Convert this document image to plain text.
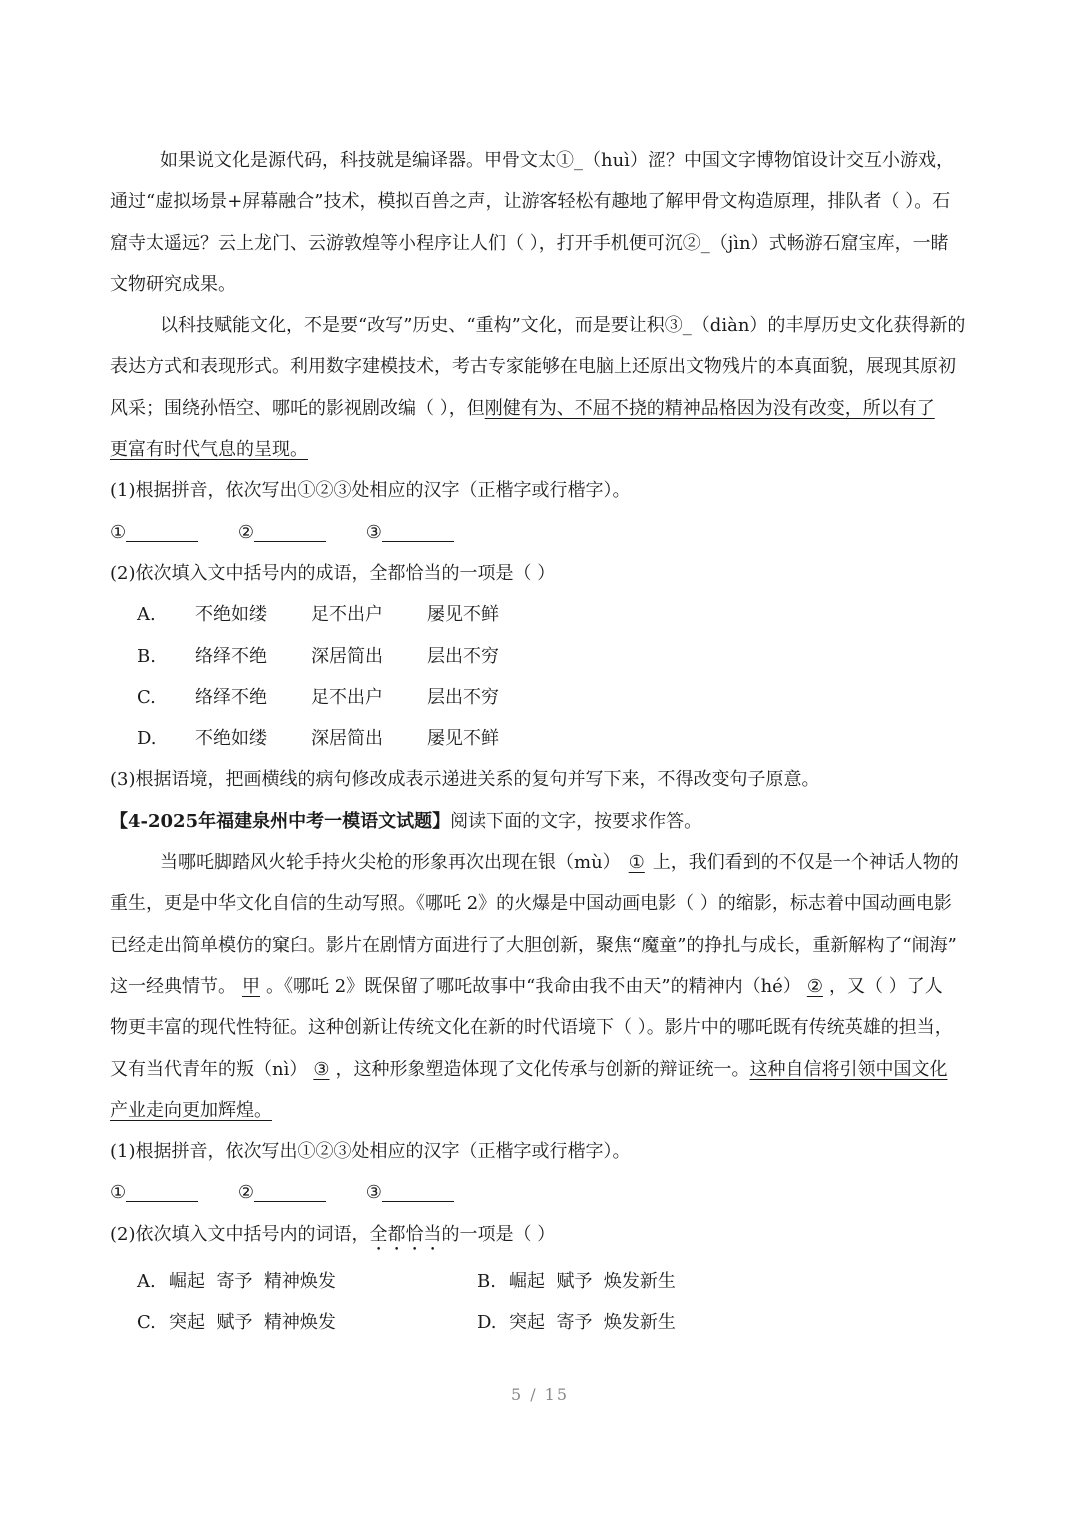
如果说文化是源代码，科技就是编译器。甲骨文太①_（huì）涩？中国文字博物馆设计交互小游戏，
通过“虚拟场景+屏幕融合”技术，模拟百兽之声，让游客轻松有趣地了解甲骨文构造原理，排队者（ ）。石
窟寺太遥远？云上龙门、云游敦煌等小程序让人们（ ），打开手机便可沉②_（jìn）式畅游石窟宝库，一睹
文物研究成果。
以科技赋能文化，不是要“改写”历史、“重构”文化，而是要让积③_（diàn）的丰厚历史文化获得新的
表达方式和表现形式。利用数字建模技术，考古专家能够在电脑上还原出文物残片的本真面貌，展现其原初
风采；围绕孙悟空、哪吒的影视剧改编（ ），但刚健有为、不屈不挠的精神品格因为没有改变，所以有了
更富有时代气息的呈现。
(1)根据拼音，依次写出①②③处相应的汉字（正楷字或行楷字）。
①	②	③
(2)依次填入文中括号内的成语，全都恰当的一项是（ ）
A. 不绝如缕 足不出户 屡见不鲜
B. 络绎不绝 深居简出 层出不穷
C. 络绎不绝 足不出户 层出不穷
D. 不绝如缕 深居简出 屡见不鲜
(3)根据语境，把画横线的病句修改成表示递进关系的复句并写下来，不得改变句子原意。
【4-2025年福建泉州中考一模语文试题】阅读下面的文字，按要求作答。
当哪吒脚踏风火轮手持火尖枪的形象再次出现在银（mù） ① 上，我们看到的不仅是一个神话人物的
重生，更是中华文化自信的生动写照。《哪吒 2》的火爆是中国动画电影（ ）的缩影，标志着中国动画电影
已经走出简单模仿的窠臼。影片在剧情方面进行了大胆创新，聚焦“魔童”的挣扎与成长，重新解构了“闹海”
这一经典情节。 甲 。《哪吒 2》既保留了哪吒故事中“我命由我不由天”的精神内（hé） ② ，又（ ）了人
物更丰富的现代性特征。这种创新让传统文化在新的时代语境下（ ）。影片中的哪吒既有传统英雄的担当，
又有当代青年的叛（nì） ③ ，这种形象塑造体现了文化传承与创新的辩证统一。这种自信将引领中国文化
产业走向更加辉煌。
(1)根据拼音，依次写出①②③处相应的汉字（正楷字或行楷字）。
①	②	③
(2)依次填入文中括号内的词语，全都恰当的一项是（ ）
A. 崛起  寄予  精神焕发	B. 崛起  赋予  焕发新生
C. 突起  赋予  精神焕发	D. 突起  寄予  焕发新生
5 / 15
